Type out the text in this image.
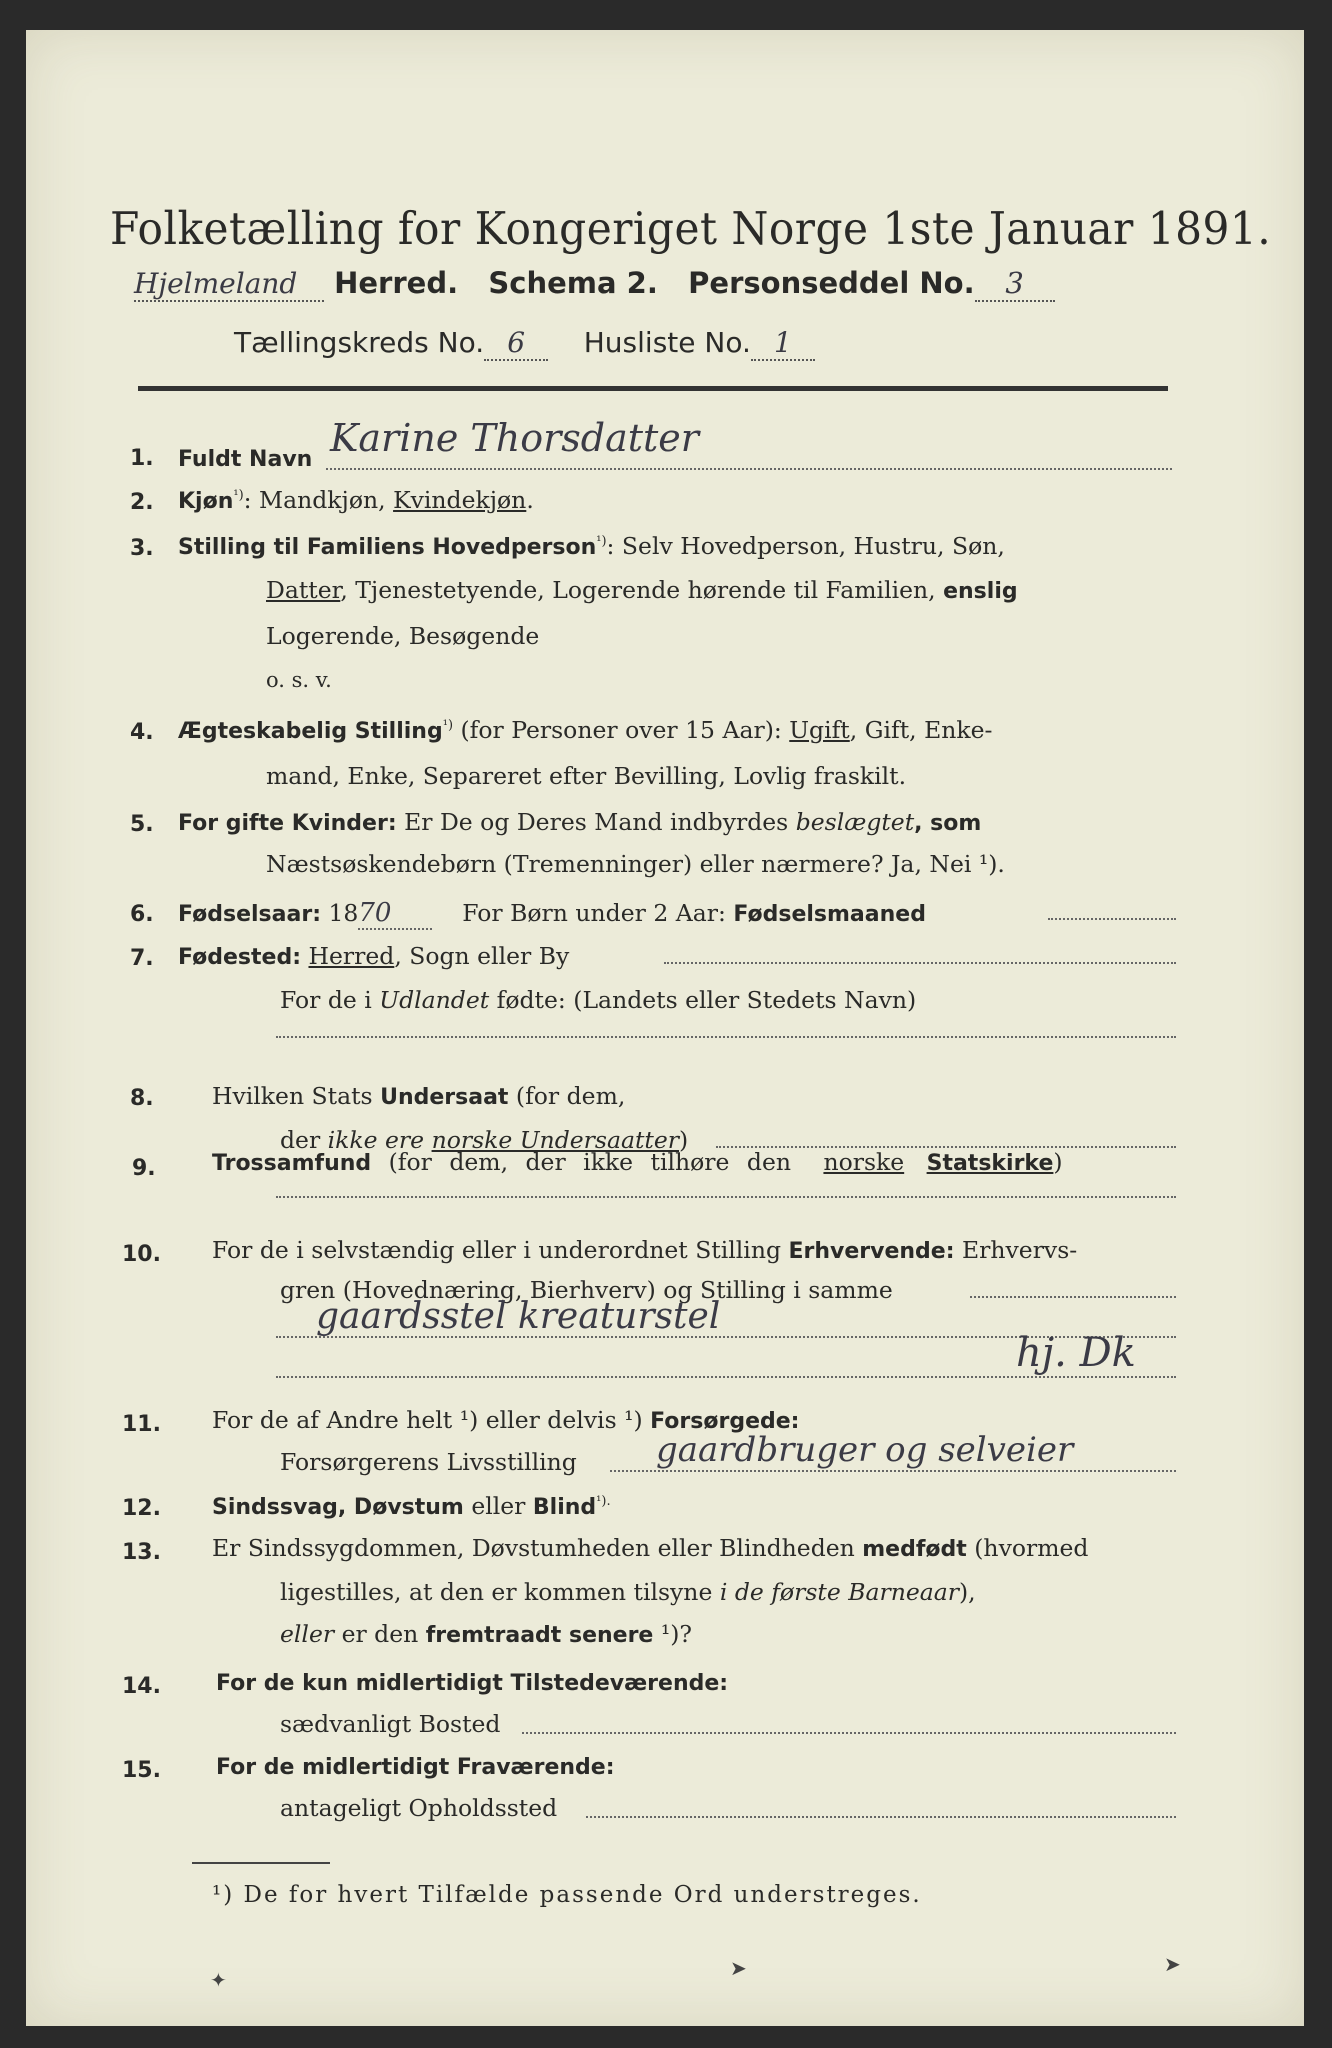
Folketælling for Kongeriget Norge 1ste Januar 1891.
Hjelmeland Herred. Schema 2. Personseddel No. 3
Tællingskreds No. 6 Husliste No. 1
1. Fuldt Navn Karine Thorsdatter
2. Kjøn$^{^1)}$: Mandkjøn, Kvindekjøn.
3. Stilling til Familiens Hovedperson$^{^1)}$: Selv Hovedperson, Hustru, Søn,
Datter, Tjenestetyende, Logerende hørende til Familien, enslig
Logerende, Besøgende
o. s. v.
4. Ægteskabelig Stilling$^{^1)}$ (for Personer over 15 Aar): Ugift, Gift, Enke-
mand, Enke, Separeret efter Bevilling, Lovlig fraskilt.
5. For gifte Kvinder: Er De og Deres Mand indbyrdes beslægtet, som
Næstsøskendebørn (Tremenninger) eller nærmere? Ja, Nei ¹).
6. Fødselsaar: 1870	For Børn under 2 Aar: Fødselsmaaned
7. Fødested: Herred, Sogn eller By
For de i Udlandet fødte: (Landets eller Stedets Navn)
8. Hvilken Stats Undersaat (for dem,
der ikke ere norske Undersaatter)
9.	Trossamfund (for dem, der ikke tilhøre den   norske Statskirke)
10. For de i selvstændig eller i underordnet Stilling Erhvervende: Erhvervs-
gren (Hovednæring, Bierhverv) og Stilling i samme
gaardsstel kreaturstel
hj. Dk
11. For de af Andre helt ¹) eller delvis ¹) Forsørgede:
Forsørgerens Livsstilling gaardbruger og selveier
12. Sindssvag, Døvstum eller Blind$^{^1).}$
13. Er Sindssygdommen, Døvstumheden eller Blindheden medfødt (hvormed
ligestilles, at den er kommen tilsyne i de første Barneaar),
eller er den fremtraadt senere ¹)?
14.	For de kun midlertidigt Tilstedeværende:
sædvanligt Bosted
15.	For de midlertidigt Fraværende:
antageligt Opholdssted
¹) De for hvert Tilfælde passende Ord understreges.
✦	➤	➤
